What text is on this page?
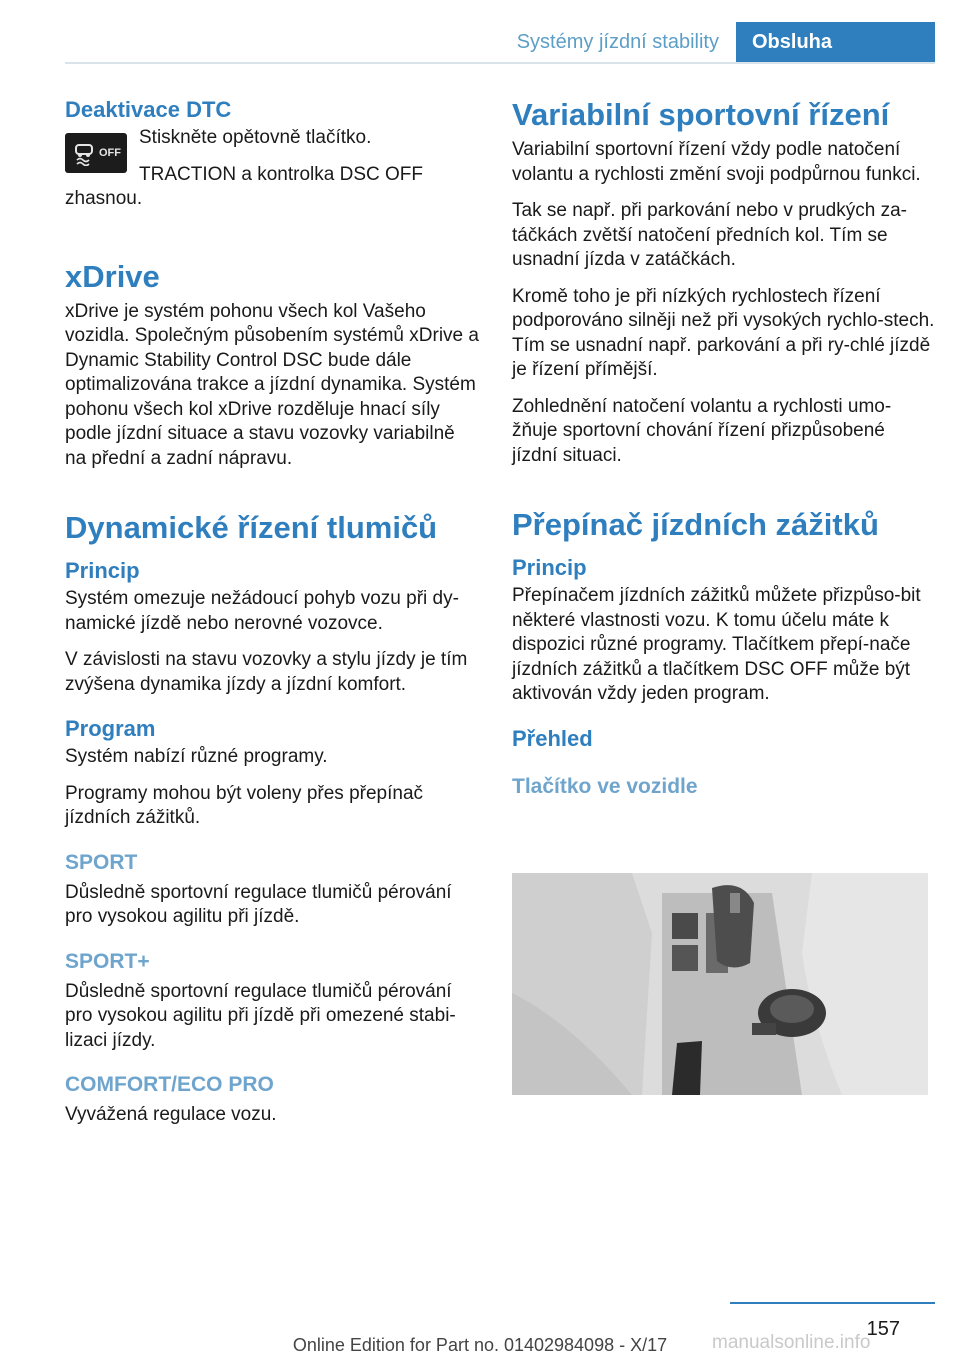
Systémy jízdní stability	Obsluha
Deaktivace DTC
OFF

Stiskněte opětovně tlačítko.

TRACTION a kontrolka DSC OFF zhasnou.

xDrive

xDrive je systém pohonu všech kol Vašeho vozidla. Společným působením systémů xDrive a Dynamic Stability Control DSC bude dále optimalizována trakce a jízdní dynamika. Systém pohonu všech kol xDrive rozděluje hnací síly podle jízdní situace a stavu vozovky variabilně na přední a zadní nápravu.

Dynamické řízení tlumičů
Princip

Systém omezuje nežádoucí pohyb vozu při dy‐namické jízdě nebo nerovné vozovce.

V závislosti na stavu vozovky a stylu jízdy je tím zvýšena dynamika jízdy a jízdní komfort.

Program

Systém nabízí různé programy.

Programy mohou být voleny přes přepínač jízdních zážitků.

SPORT

Důsledně sportovní regulace tlumičů pérování pro vysokou agilitu při jízdě.

SPORT+

Důsledně sportovní regulace tlumičů pérování pro vysokou agilitu při jízdě při omezené stabi‐lizaci jízdy.

COMFORT/ECO PRO

Vyvážená regulace vozu.

Variabilní sportovní řízení

Variabilní sportovní řízení vždy podle natočení volantu a rychlosti změní svoji podpůrnou funkci.

Tak se např. při parkování nebo v prudkých za‐táčkách zvětší natočení předních kol. Tím se usnadní jízda v zatáčkách.

Kromě toho je při nízkých rychlostech řízení podporováno silněji než při vysokých rychlo‐stech. Tím se usnadní např. parkování a při ry‐chlé jízdě je řízení přímější.

Zohlednění natočení volantu a rychlosti umo‐žňuje sportovní chování řízení přizpůsobené jízdní situaci.

Přepínač jízdních zážitků
Princip

Přepínačem jízdních zážitků můžete přizpůso‐bit některé vlastnosti vozu. K tomu účelu máte k dispozici různé programy. Tlačítkem přepí‐nače jízdních zážitků a tlačítkem DSC OFF může být aktivován vždy jeden program.

Přehled
Tlačítko ve vozidle
157
Online Edition for Part no. 01402984098 - X/17	manualsonline.info
